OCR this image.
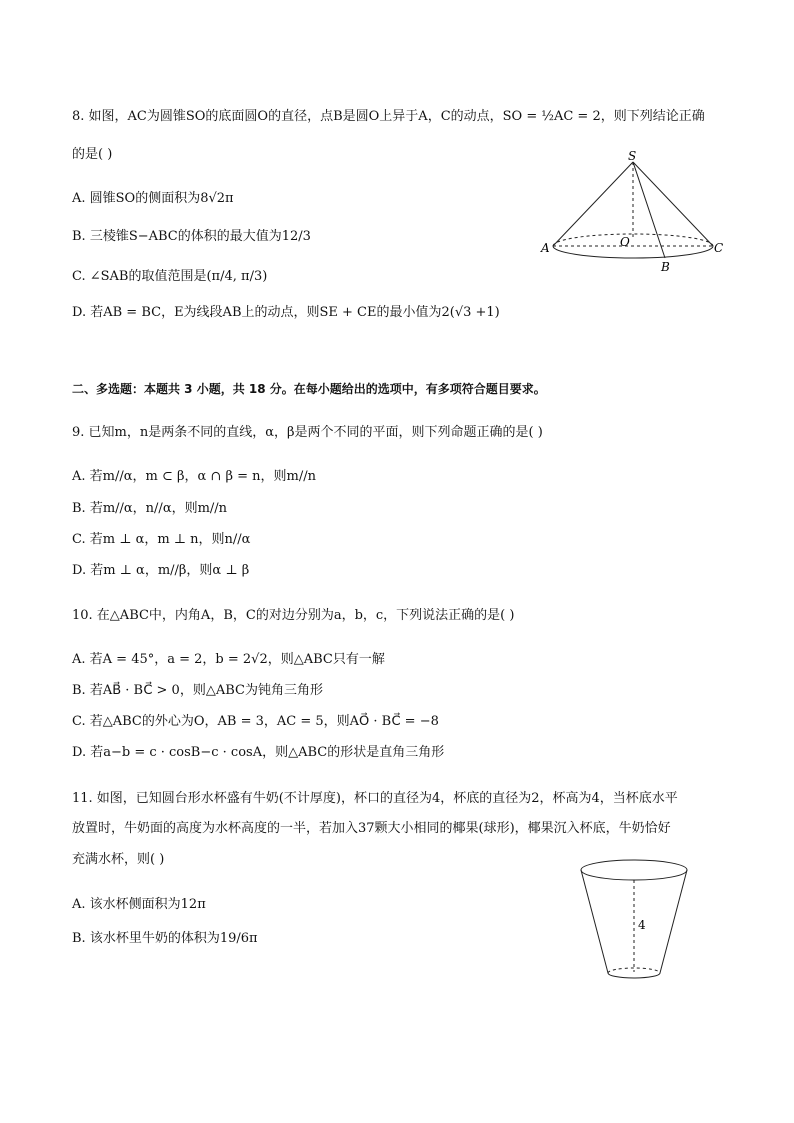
8. 如图，AC为圆锥SO的底面圆O的直径，点B是圆O上异于A，C的动点，SO = ½AC = 2，则下列结论正确
的是( )
A. 圆锥SO的侧面积为8√2π
B. 三棱锥S−ABC的体积的最大值为12/3
C. ∠SAB的取值范围是(π/4, π/3)
D. 若AB = BC，E为线段AB上的动点，则SE + CE的最小值为2(√3 +1)
S
O
A
B
C
二、多选题：本题共 3 小题，共 18 分。在每小题给出的选项中，有多项符合题目要求。
9. 已知m，n是两条不同的直线，α，β是两个不同的平面，则下列命题正确的是( )
A. 若m//α，m ⊂ β，α ∩ β = n，则m//n
B. 若m//α，n//α，则m//n
C. 若m ⊥ α，m ⊥ n，则n//α
D. 若m ⊥ α，m//β，则α ⊥ β
10. 在△ABC中，内角A，B，C的对边分别为a，b，c，下列说法正确的是( )
A. 若A = 45°，a = 2，b = 2√2，则△ABC只有一解
B. 若AB⃗ · BC⃗ > 0，则△ABC为钝角三角形
C. 若△ABC的外心为O，AB = 3，AC = 5，则AO⃗ · BC⃗ = −8
D. 若a−b = c · cosB−c · cosA，则△ABC的形状是直角三角形
11. 如图，已知圆台形水杯盛有牛奶(不计厚度)，杯口的直径为4，杯底的直径为2，杯高为4，当杯底水平
放置时，牛奶面的高度为水杯高度的一半，若加入37颗大小相同的椰果(球形)，椰果沉入杯底，牛奶恰好
充满水杯，则( )
A. 该水杯侧面积为12π
B. 该水杯里牛奶的体积为19/6π
4
